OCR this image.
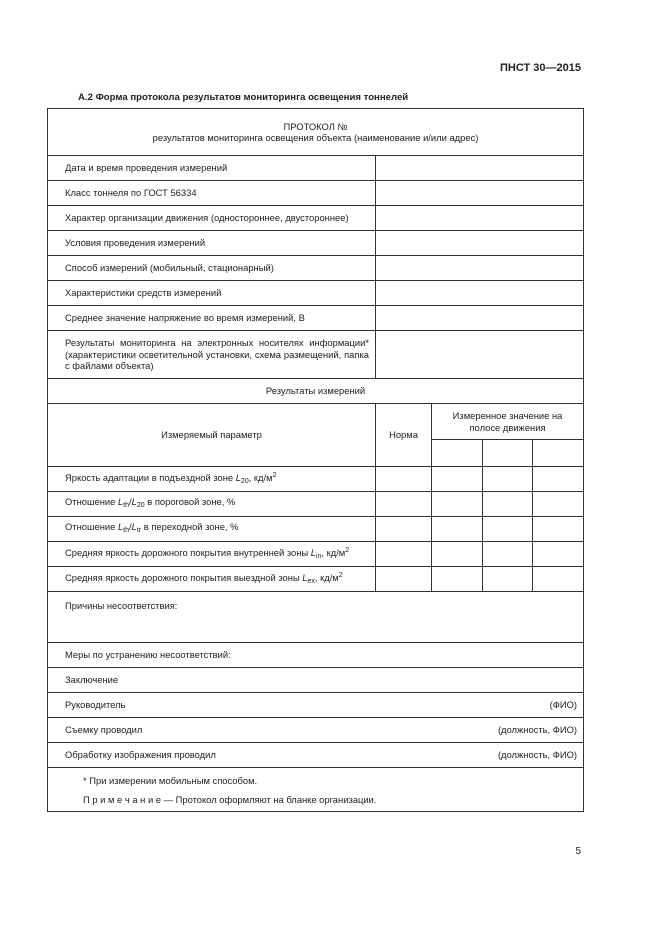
ПНСТ 30—2015
А.2 Форма протокола результатов мониторинга освещения тоннелей
ПРОТОКОЛ №
результатов мониторинга освещения объекта (наименование и/или адрес)				

Дата и время проведения измерений				
Класс тоннеля по ГОСТ 56334				
Характер организации движения (одностороннее, двустороннее)				
Условия проведения измерений				
Способ измерений (мобильный, стационарный)				
Характеристики средств измерений				
Среднее значение напряжение во время измерений, В				
Результаты мониторинга на электронных носителях информации* (характеристики осветительной установки, схема размещений, папка с файлами объекта)				
Результаты измерений				
Измеряемый параметр	Норма	Измеренное значение на полосе движения		

Яркость адаптации в подъездной зоне $L_{20}$, $кд/м^2$				
Отношение $L_{th}/L_{20}$ в пороговой зоне, %				
Отношение $L_{th}/L_{tr}$ в переходной зоне, %				
Средняя яркость дорожного покрытия внутренней зоны $L_{in}$, $кд/м^2$				
Средняя яркость дорожного покрытия выездной зоны $L_{ex}$, $кд/м^2$				
Причины несоответствия:				
Меры по устранению несоответствий:				
Заключение				
Руководитель (ФИО)				

Съемку проводил (должность, ФИО)				

Обработку изображения проводил (должность, ФИО)				

* При измерении мобильным способом.
П р и м е ч а н и е — Протокол оформляют на бланке организации.				
5
